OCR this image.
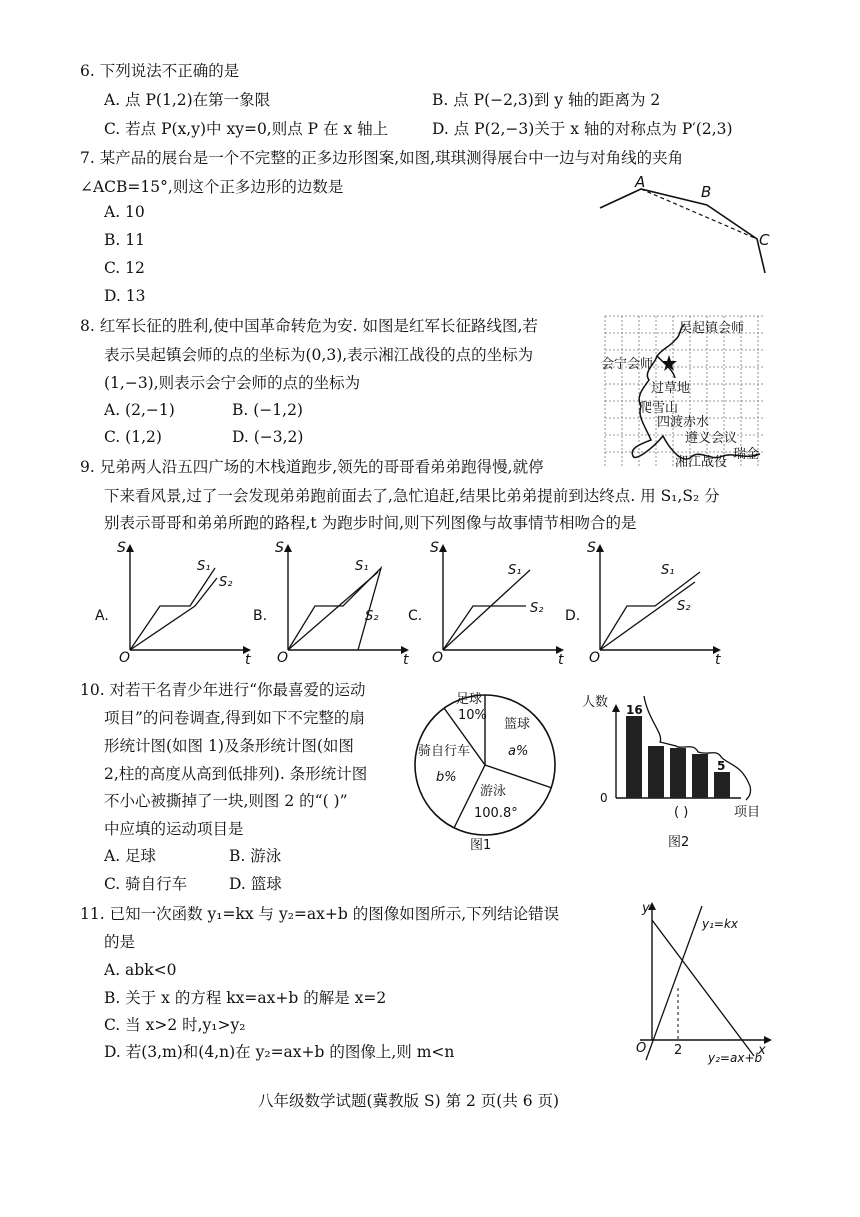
6. 下列说法不正确的是
A. 点 P(1,2)在第一象限	B. 点 P(−2,3)到 y 轴的距离为 2
C. 若点 P(x,y)中 xy=0,则点 P 在 x 轴上	D. 点 P(2,−3)关于 x 轴的对称点为 P′(2,3)
7. 某产品的展台是一个不完整的正多边形图案,如图,琪琪测得展台中一边与对角线的夹角
∠ACB=15°,则这个正多边形的边数是
A. 10
B. 11
C. 12
D. 13
A
B
C
8. 红军长征的胜利,使中国革命转危为安. 如图是红军长征路线图,若
表示吴起镇会师的点的坐标为(0,3),表示湘江战役的点的坐标为
(1,−3),则表示会宁会师的点的坐标为
A. (2,−1)	B. (−1,2)
C. (1,2)	D. (−3,2)
吴起镇会师
会宁会师
过草地
爬雪山
四渡赤水
遵义会议
瑞金
湘江战役
9. 兄弟两人沿五四广场的木栈道跑步,领先的哥哥看弟弟跑得慢,就停
下来看风景,过了一会发现弟弟跑前面去了,急忙追赶,结果比弟弟提前到达终点. 用 S₁,S₂ 分
别表示哥哥和弟弟所跑的路程,t 为跑步时间,则下列图像与故事情节相吻合的是
A.
S
t
O
S₁
S₂
B.
S
t
O
S₁
S₂ C.
S
t
O
S₁
S₂ D.
S
t
O
S₁
S₂
10. 对若干名青少年进行“你最喜爱的运动
项目”的问卷调查,得到如下不完整的扇
形统计图(如图 1)及条形统计图(如图
2,柱的高度从高到低排列). 条形统计图
不小心被撕掉了一块,则图 2 的“( )”
中应填的运动项目是
A. 足球	B. 游泳
C. 骑自行车	D. 篮球
足球
10%
篮球
a%
骑自行车
b%
游泳
100.8°
图1
人数
0
16
5
( )	项目
图2
11. 已知一次函数 y₁=kx 与 y₂=ax+b 的图像如图所示,下列结论错误
的是
A. abk<0
B. 关于 x 的方程 kx=ax+b 的解是 x=2
C. 当 x>2 时,y₁>y₂
D. 若(3,m)和(4,n)在 y₂=ax+b 的图像上,则 m<n
y
x
O 2
y₁=kx
y₂=ax+b
八年级数学试题(冀教版 S) 第 2 页(共 6 页)
